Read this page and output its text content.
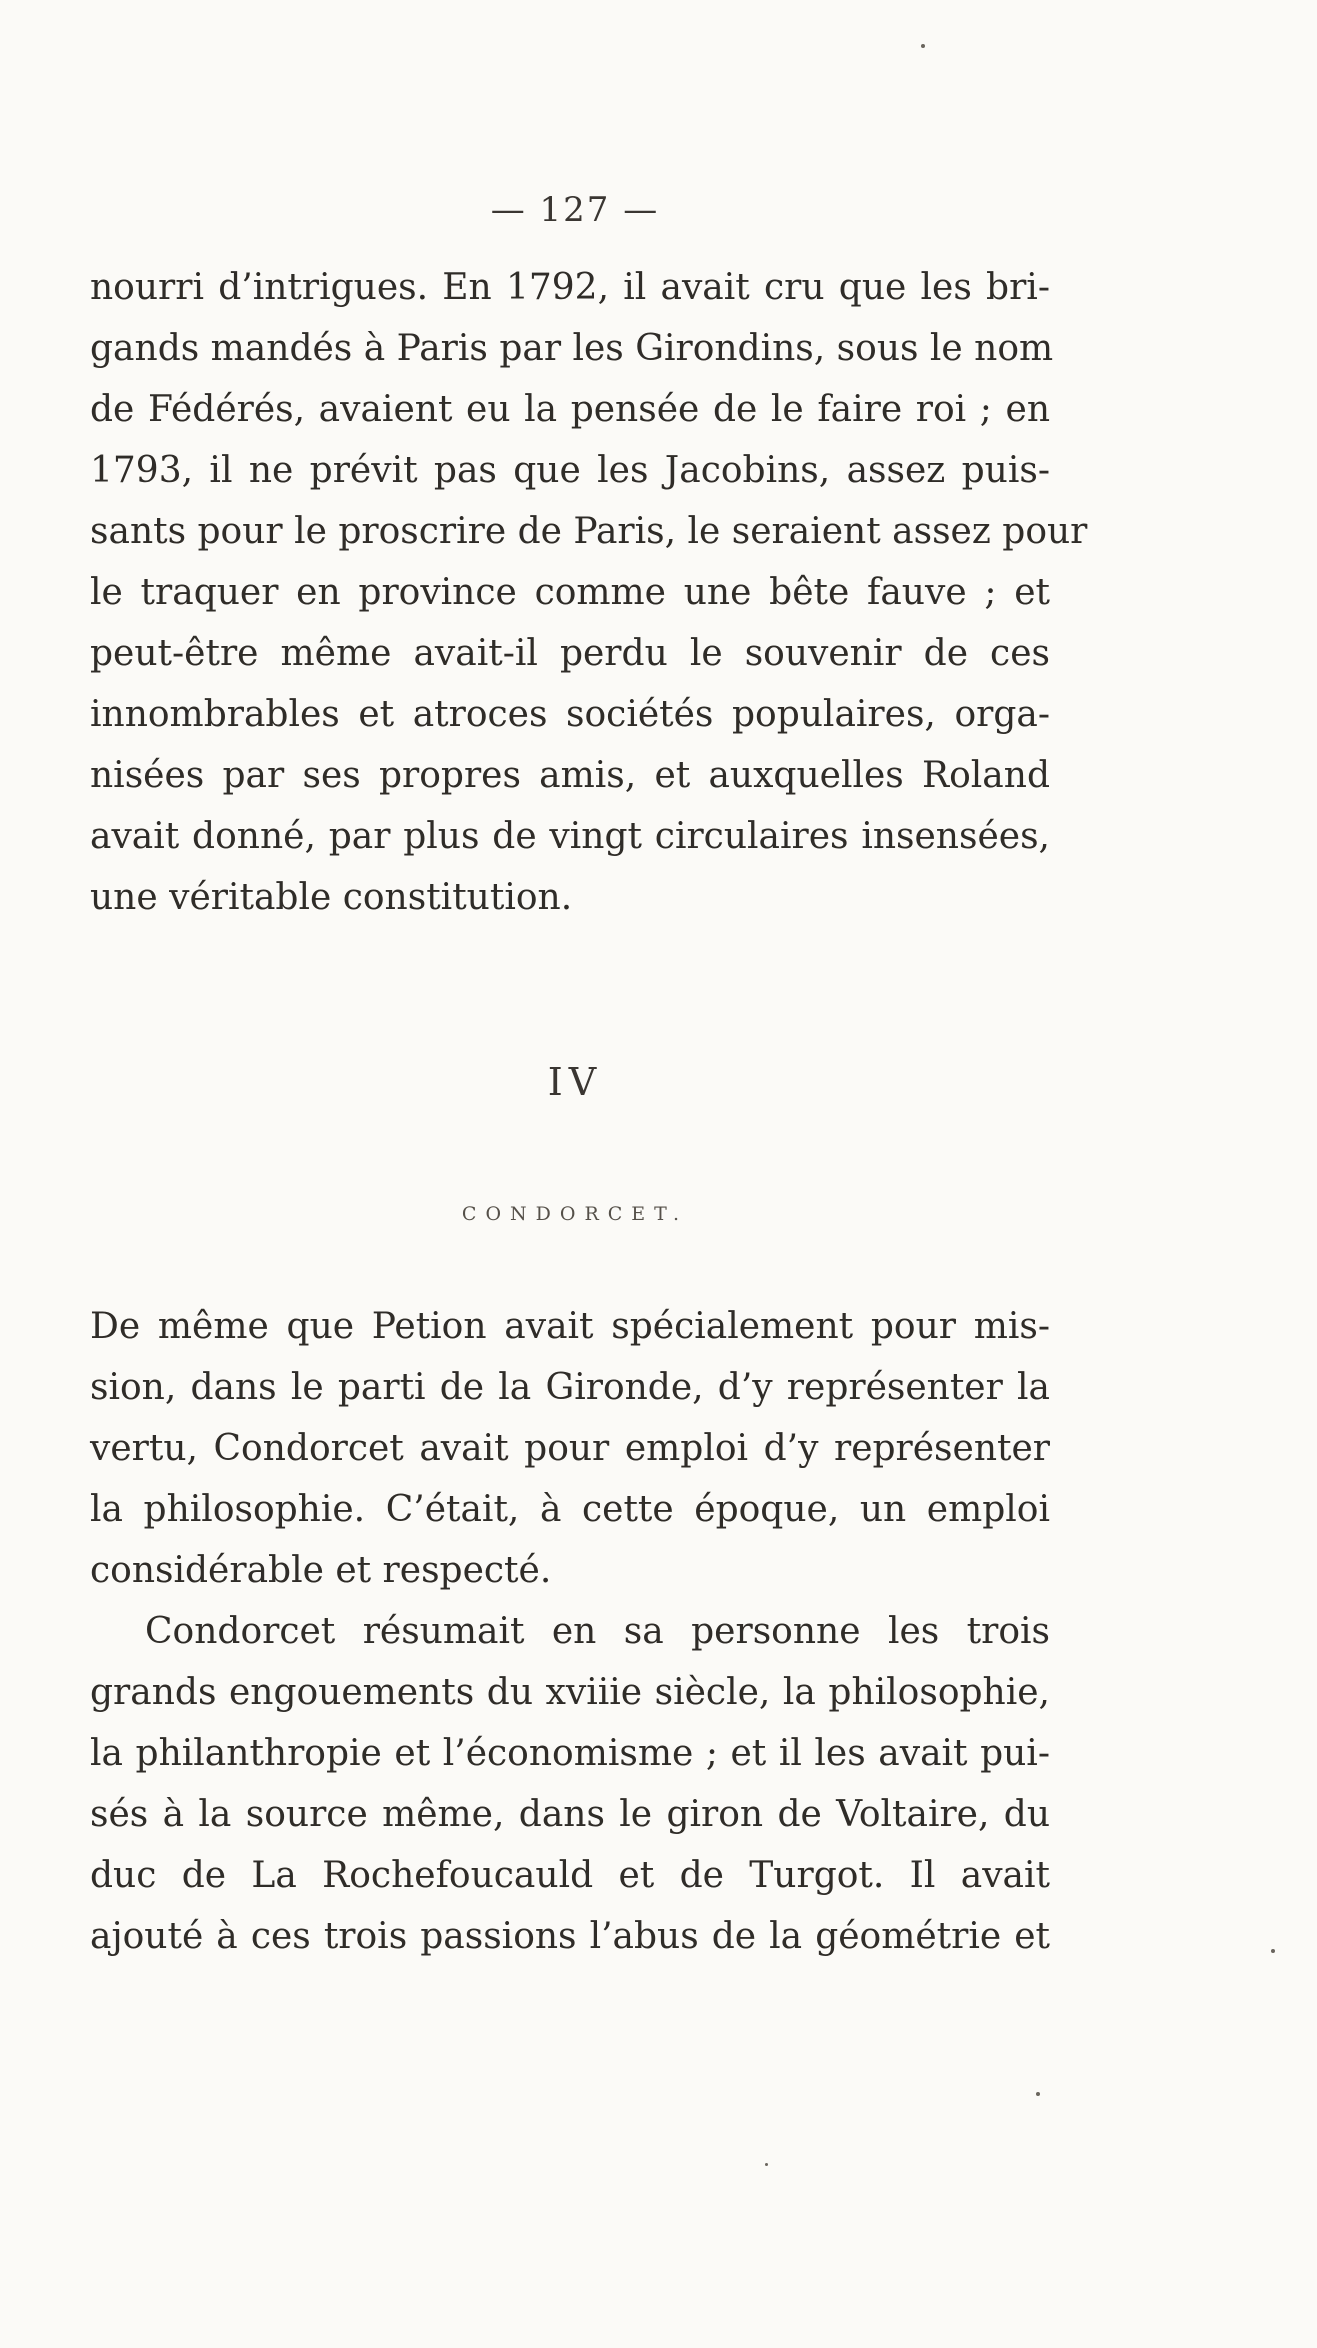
— 127 —
nourri d’intrigues. En 1792, il avait cru que les bri-
gands mandés à Paris par les Girondins, sous le nom
de Fédérés, avaient eu la pensée de le faire roi ; en
1793, il ne prévit pas que les Jacobins, assez puis-
sants pour le proscrire de Paris, le seraient assez pour
le traquer en province comme une bête fauve ; et
peut-être même avait-il perdu le souvenir de ces
innombrables et atroces sociétés populaires, orga-
nisées par ses propres amis, et auxquelles Roland
avait donné, par plus de vingt circulaires insensées,
une véritable constitution.
IV
CONDORCET.
De même que Petion avait spécialement pour mis-
sion, dans le parti de la Gironde, d’y représenter la
vertu, Condorcet avait pour emploi d’y représenter
la philosophie. C’était, à cette époque, un emploi
considérable et respecté.
Condorcet résumait en sa personne les trois
grands engouements du xviiie siècle, la philosophie,
la philanthropie et l’économisme ; et il les avait pui-
sés à la source même, dans le giron de Voltaire, du
duc de La Rochefoucauld et de Turgot. Il avait
ajouté à ces trois passions l’abus de la géométrie et
